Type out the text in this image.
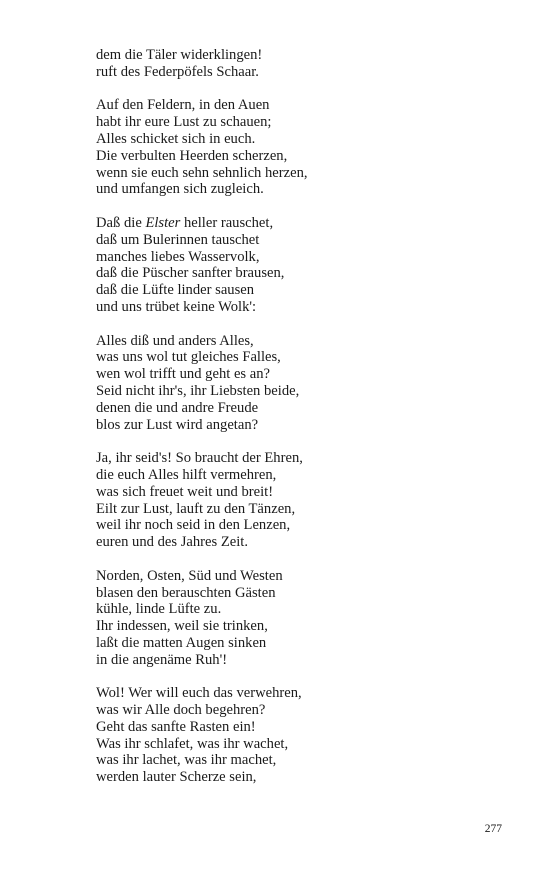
dem die Täler widerklingen!
ruft des Federpöfels Schaar.
Auf den Feldern, in den Auen
habt ihr eure Lust zu schauen;
Alles schicket sich in euch.
Die verbulten Heerden scherzen,
wenn sie euch sehn sehnlich herzen,
und umfangen sich zugleich.
Daß die Elster heller rauschet,
daß um Bulerinnen tauschet
manches liebes Wasservolk,
daß die Püscher sanfter brausen,
daß die Lüfte linder sausen
und uns trübet keine Wolk':
Alles diß und anders Alles,
was uns wol tut gleiches Falles,
wen wol trifft und geht es an?
Seid nicht ihr's, ihr Liebsten beide,
denen die und andre Freude
blos zur Lust wird angetan?
Ja, ihr seid's! So braucht der Ehren,
die euch Alles hilft vermehren,
was sich freuet weit und breit!
Eilt zur Lust, lauft zu den Tänzen,
weil ihr noch seid in den Lenzen,
euren und des Jahres Zeit.
Norden, Osten, Süd und Westen
blasen den berauschten Gästen
kühle, linde Lüfte zu.
Ihr indessen, weil sie trinken,
laßt die matten Augen sinken
in die angenäme Ruh'!
Wol! Wer will euch das verwehren,
was wir Alle doch begehren?
Geht das sanfte Rasten ein!
Was ihr schlafet, was ihr wachet,
was ihr lachet, was ihr machet,
werden lauter Scherze sein,
277
